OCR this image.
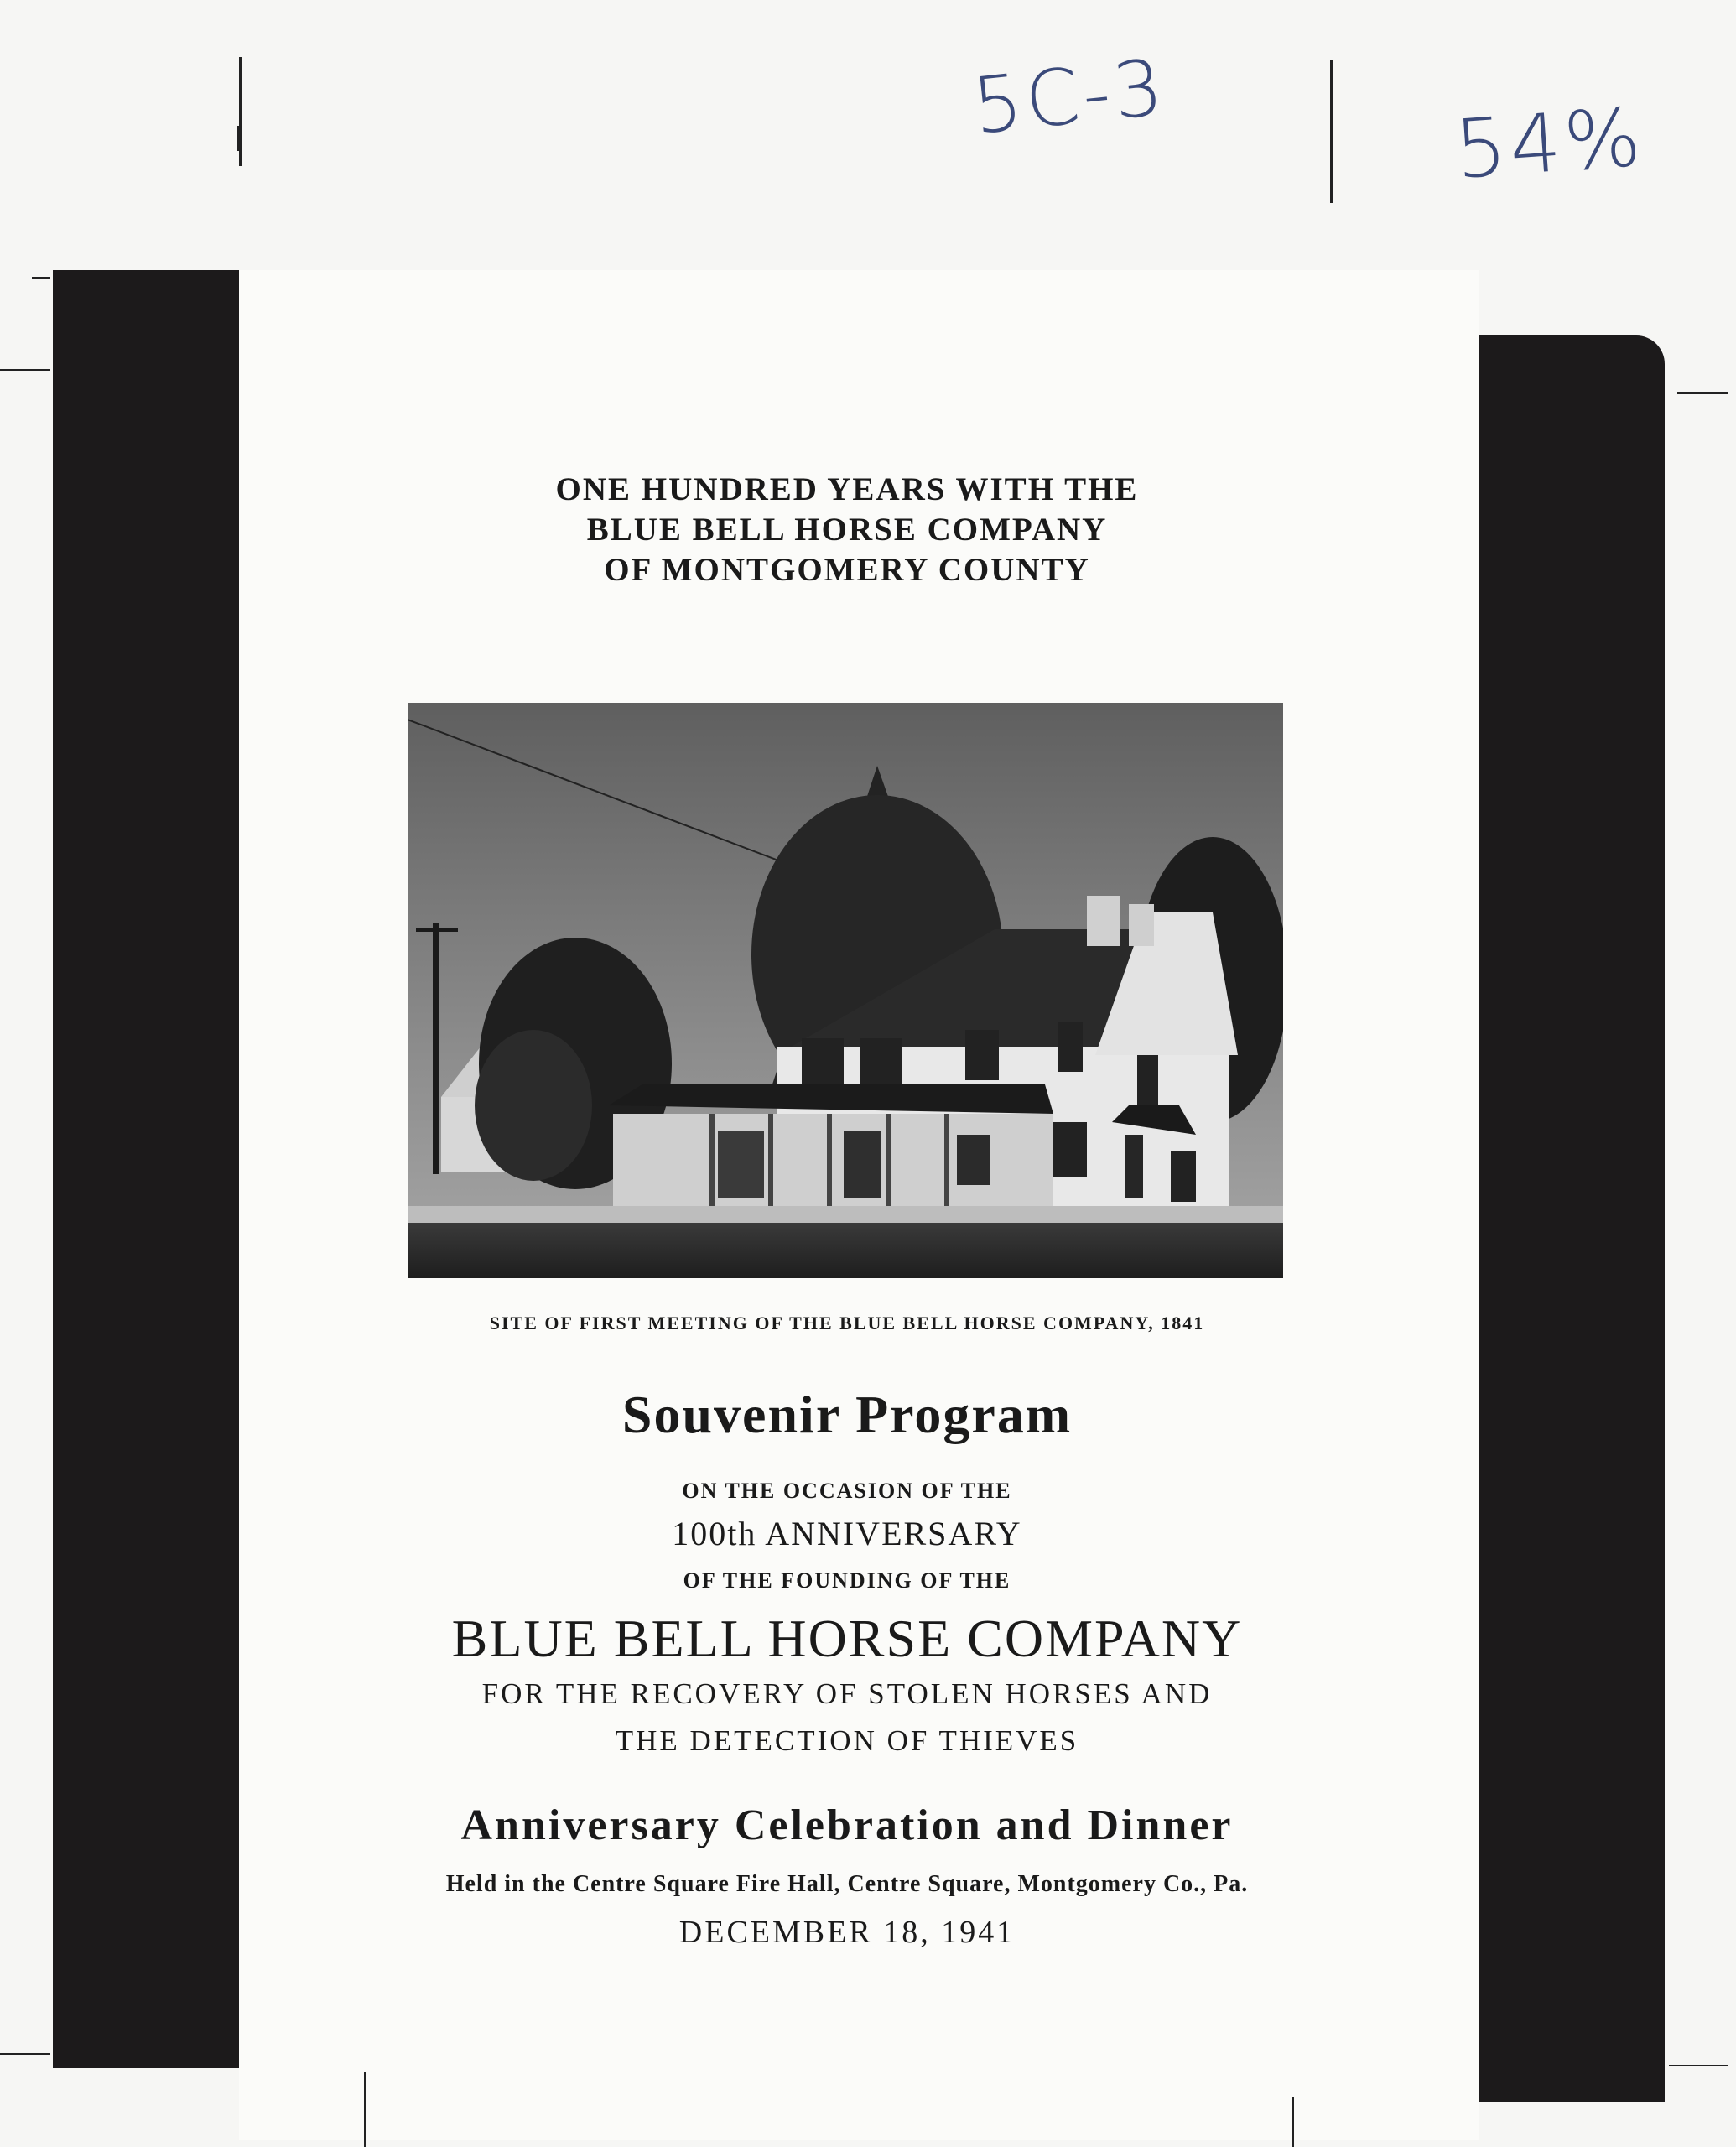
5C-3	54%

ONE HUNDRED YEARS WITH THE

BLUE BELL HORSE COMPANY

OF MONTGOMERY COUNTY

SITE OF FIRST MEETING OF THE BLUE BELL HORSE COMPANY, 1841
Souvenir Program
ON THE OCCASION OF THE
100th ANNIVERSARY
OF THE FOUNDING OF THE
BLUE BELL HORSE COMPANY
FOR THE RECOVERY OF STOLEN HORSES AND
THE DETECTION OF THIEVES
Anniversary Celebration and Dinner
Held in the Centre Square Fire Hall, Centre Square, Montgomery Co., Pa.
DECEMBER 18, 1941
